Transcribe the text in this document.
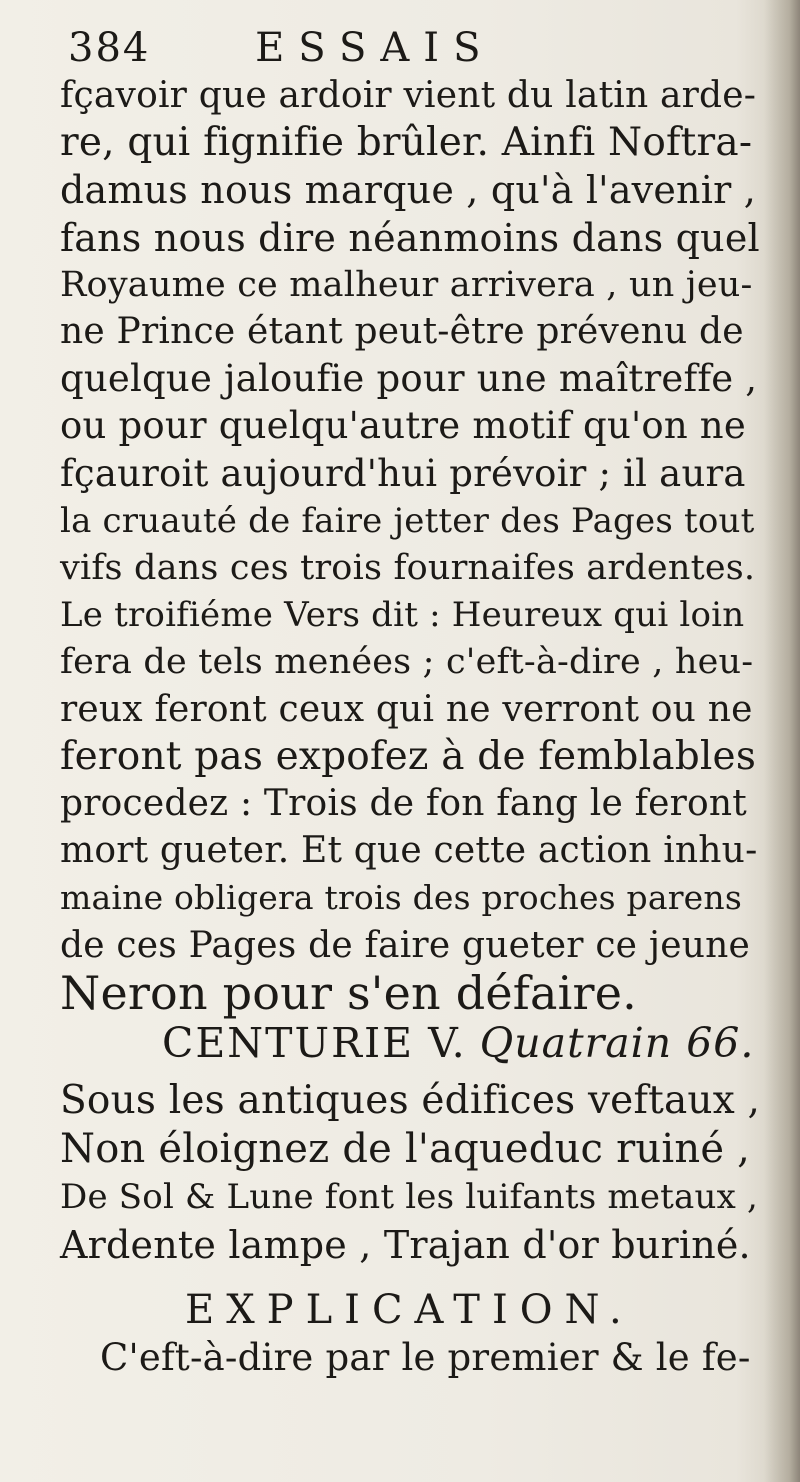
384	ESSAIS
fçavoir que ardoir vient du latin arde-
re, qui fignifie brûler. Ainfi Noftra-
damus nous marque , qu'à l'avenir ,
fans nous dire néanmoins dans quel
Royaume ce malheur arrivera , un jeu-
ne Prince étant peut-être prévenu de
quelque jaloufie pour une maîtreffe ,
ou pour quelqu'autre motif qu'on ne
fçauroit aujourd'hui prévoir ; il aura
la cruauté de faire jetter des Pages tout
vifs dans ces trois fournaifes ardentes.
Le troifiéme Vers dit : Heureux qui loin
fera de tels menées ; c'eft-à-dire , heu-
reux feront ceux qui ne verront ou ne
feront pas expofez à de femblables
procedez : Trois de fon fang le feront
mort gueter. Et que cette action inhu-
maine obligera trois des proches parens
de ces Pages de faire gueter ce jeune
Neron pour s'en défaire.
CENTURIE V. Quatrain 66.
Sous les antiques édifices veftaux ,
Non éloignez de l'aqueduc ruiné ,
De Sol & Lune font les luifants metaux ,
Ardente lampe , Trajan d'or buriné.
EXPLICATION.
C'eft-à-dire par le premier & le fe-
